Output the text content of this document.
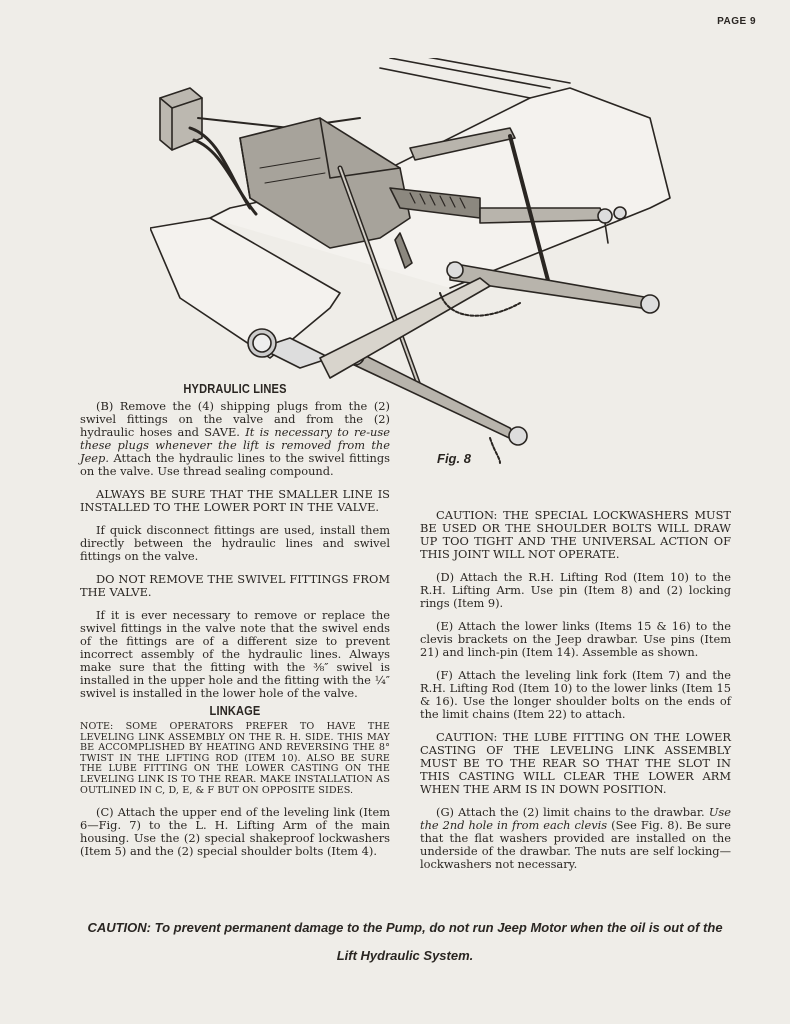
PAGE 9
Fig. 8
HYDRAULIC LINES

(B) Remove the (4) shipping plugs from the (2) swivel fittings on the valve and from the (2) hydraulic hoses and SAVE. It is necessary to re-use these plugs whenever the lift is removed from the Jeep. Attach the hydraulic lines to the swivel fittings on the valve. Use thread sealing compound.

ALWAYS BE SURE THAT THE SMALLER LINE IS INSTALLED TO THE LOWER PORT IN THE VALVE.

If quick disconnect fittings are used, install them directly between the hydraulic lines and swivel fittings on the valve.

DO NOT REMOVE THE SWIVEL FITTINGS FROM THE VALVE.

If it is ever necessary to remove or replace the swivel fittings in the valve note that the swivel ends of the fittings are of a different size to prevent incorrect assembly of the hydraulic lines. Always make sure that the fitting with the ⅜″ swivel is installed in the upper hole and the fitting with the ¼″ swivel is installed in the lower hole of the valve.

LINKAGE

NOTE: SOME OPERATORS PREFER TO HAVE THE LEVELING LINK ASSEMBLY ON THE R. H. SIDE. THIS MAY BE ACCOMPLISHED BY HEATING AND REVERSING THE 8° TWIST IN THE LIFTING ROD (ITEM 10). ALSO BE SURE THE LUBE FITTING ON THE LOWER CASTING ON THE LEVELING LINK IS TO THE REAR. MAKE INSTALLATION AS OUTLINED IN C, D, E, & F BUT ON OPPOSITE SIDES.

(C) Attach the upper end of the leveling link (Item 6—Fig. 7) to the L. H. Lifting Arm of the main housing. Use the (2) special shakeproof lockwashers (Item 5) and the (2) special shoulder bolts (Item 4).

CAUTION: THE SPECIAL LOCKWASHERS MUST BE USED OR THE SHOULDER BOLTS WILL DRAW UP TOO TIGHT AND THE UNIVERSAL ACTION OF THIS JOINT WILL NOT OPERATE.

(D) Attach the R.H. Lifting Rod (Item 10) to the R.H. Lifting Arm. Use pin (Item 8) and (2) locking rings (Item 9).

(E) Attach the lower links (Items 15 & 16) to the clevis brackets on the Jeep drawbar. Use pins (Item 21) and linch-pin (Item 14). Assemble as shown.

(F) Attach the leveling link fork (Item 7) and the R.H. Lifting Rod (Item 10) to the lower links (Item 15 & 16). Use the longer shoulder bolts on the ends of the limit chains (Item 22) to attach.

CAUTION: THE LUBE FITTING ON THE LOWER CASTING OF THE LEVELING LINK ASSEMBLY MUST BE TO THE REAR SO THAT THE SLOT IN THIS CASTING WILL CLEAR THE LOWER ARM WHEN THE ARM IS IN DOWN POSITION.

(G) Attach the (2) limit chains to the drawbar. Use the 2nd hole in from each clevis (See Fig. 8). Be sure that the flat washers provided are installed on the underside of the drawbar. The nuts are self locking—lockwashers not necessary.

CAUTION: To prevent permanent damage to the Pump, do not run Jeep Motor when the oil is out of the
Lift Hydraulic System.
